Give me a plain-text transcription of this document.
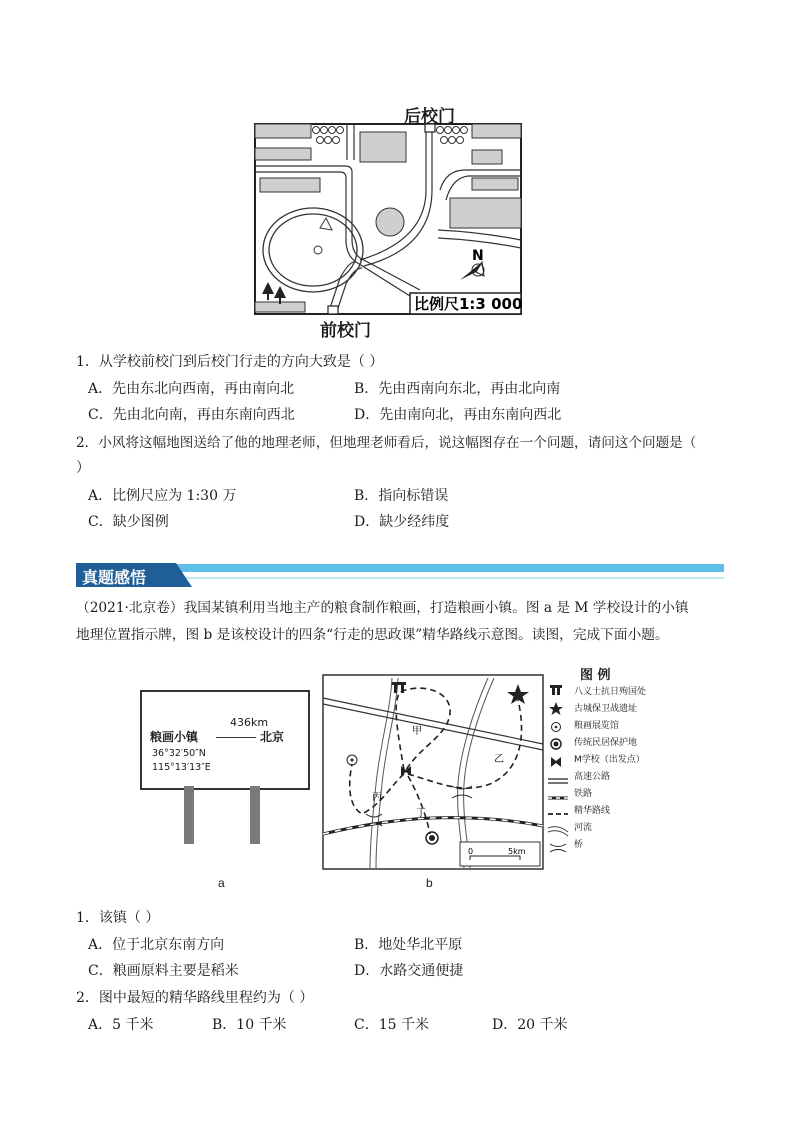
N
比例尺1:3 000
后校门
前校门
1．从学校前校门到后校门行走的方向大致是（ ）
A．先由东北向西南，再由南向北	B．先由西南向东北，再由北向南
C．先由北向南，再由东南向西北	D．先由南向北，再由东南向西北
2．小风将这幅地图送给了他的地理老师，但地理老师看后，说这幅图存在一个问题，请问这个问题是（
）
A．比例尺应为 1:30 万	B．指向标错误
C．缺少图例	D．缺少经纬度
真题感悟
（2021·北京卷）我国某镇利用当地主产的粮食制作粮画，打造粮画小镇。图 a 是 M 学校设计的小镇
地理位置指示牌，图 b 是该校设计的四条“行走的思政课”精华路线示意图。读图，完成下面小题。
436km
粮画小镇	北京
36°32′50″N
115°13′13″E
a
甲
乙
丙
丁
0	5km
b
图 例
八义士抗日殉国处
古城保卫战遗址
粮画展览馆
传统民居保护地
M学校（出发点）
高速公路
铁路
精华路线
河流
桥
1．该镇（ ）
A．位于北京东南方向	B．地处华北平原
C．粮画原料主要是稻米	D．水路交通便捷
2．图中最短的精华路线里程约为（ ）
A．5 千米	B．10 千米	C．15 千米	D．20 千米
